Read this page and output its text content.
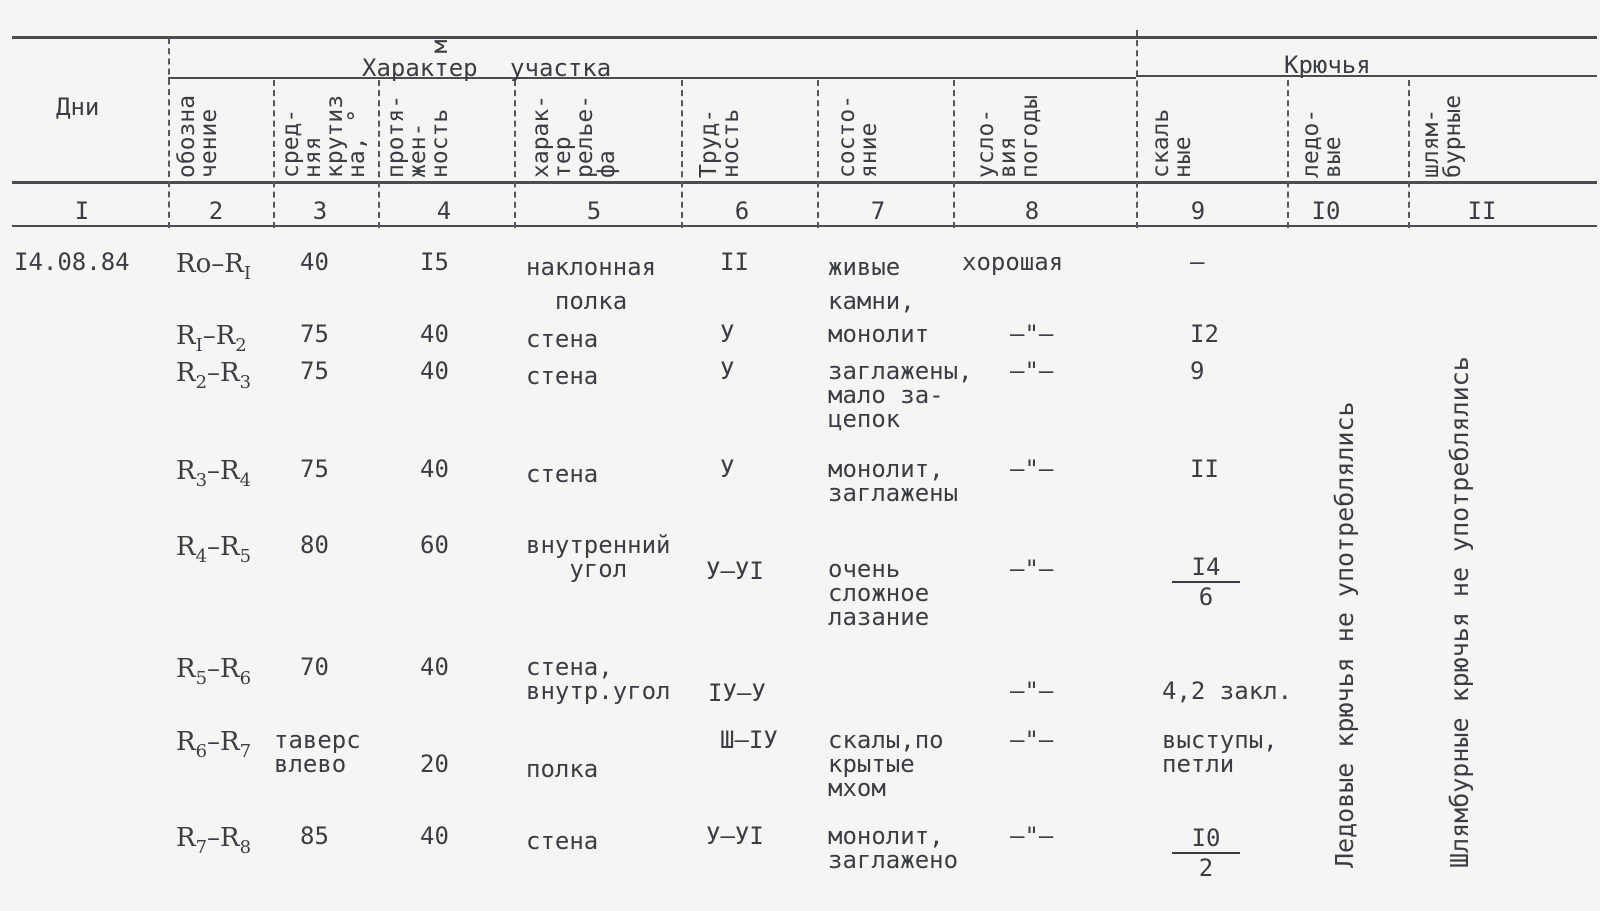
Дни
Характер участка	Крючья
обозна
чение сред-
няя
крутиз
на, ° протя-
жен-
ность    м
харак-
тер
релье-
фа	Труд-
ность	состо-
яние	усло-
вия
погоды	скаль
ные	ледо-
вые	шлям-
бурные
I	2	3	4	5	6	7	8	9	I0	II
I4.08.84 $Ro-R_I$ 40	I5	наклонная
полка
II	живые
камни,
хорошая	–
$R_I-R_2$ 75	40	стена	У	монолит	–"–	I2
$R_2-R_3$ 75	40	стена	У	заглажены,
мало за-
цепок
–"–	9
$R_3-R_4$ 75	40	стена	У	монолит,
заглажены
–"–	II
$R_4-R_5$ 80	60	внутренний
угол	У–УI	очень
сложное
лазание
–"–	$\frac{I4}{6}$
$R_5-R_6$ 70	40	стена,
внутр.угол IУ–У	–"–	4,2 закл.
$R_6-R_7$ таверс
влево	20	полка
Ш–IУ скалы,по
крытые
мхом
–"–	выступы,
петли
$R_7-R_8$ 85	40	стена	У–УI	монолит,
заглажено
–"–	$\frac{I0}{2}$	Ледовые крючья не употреблялись	Шлямбурные крючья не употреблялись
